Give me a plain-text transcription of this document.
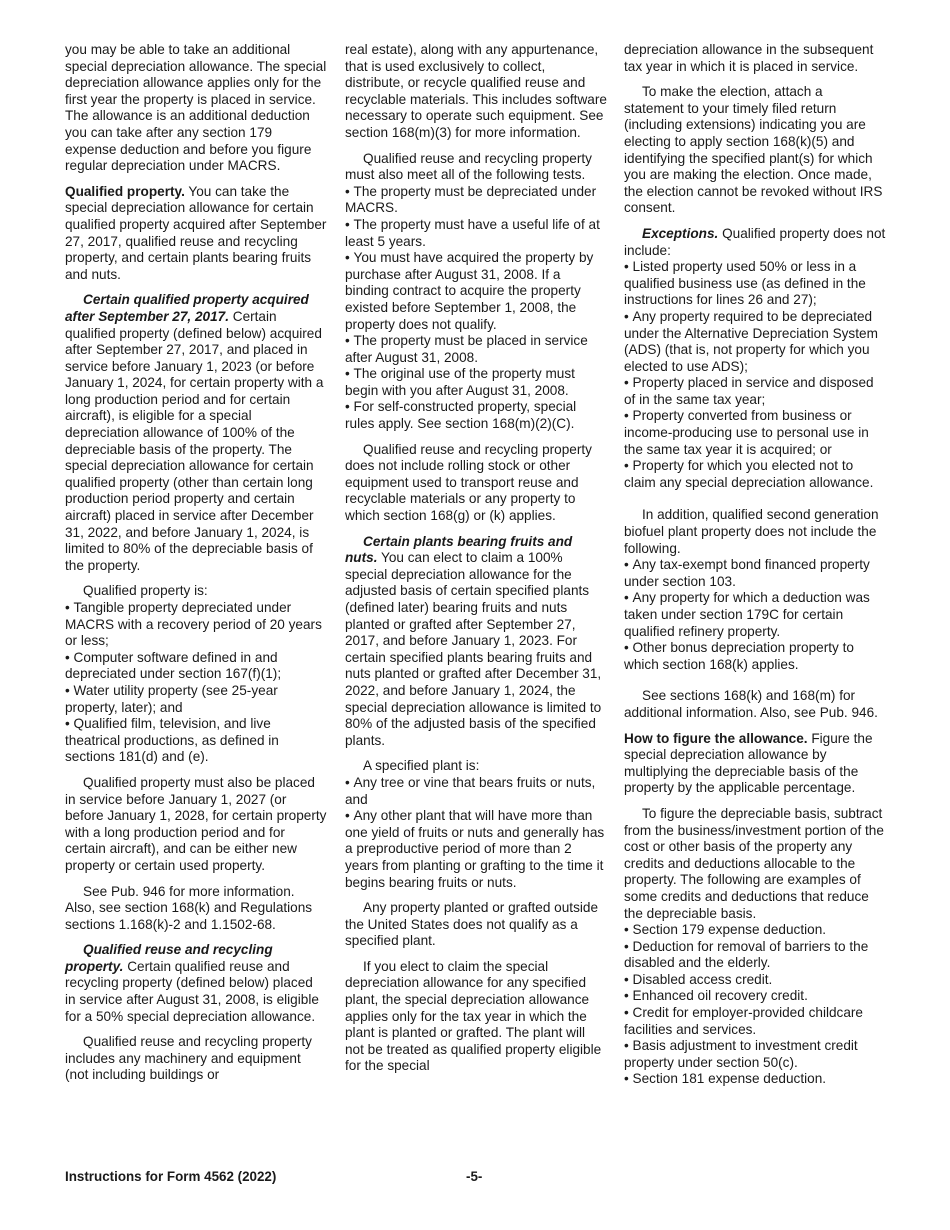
you may be able to take an additional special depreciation allowance. The special depreciation allowance applies only for the first year the property is placed in service. The allowance is an additional deduction you can take after any section 179 expense deduction and before you figure regular depreciation under MACRS.

Qualified property. You can take the special depreciation allowance for certain qualified property acquired after September 27, 2017, qualified reuse and recycling property, and certain plants bearing fruits and nuts.

Certain qualified property acquired after September 27, 2017. Certain qualified property (defined below) acquired after September 27, 2017, and placed in service before January 1, 2023 (or before January 1, 2024, for certain property with a long production period and for certain aircraft), is eligible for a special depreciation allowance of 100% of the depreciable basis of the property. The special depreciation allowance for certain qualified property (other than certain long production period property and certain aircraft) placed in service after December 31, 2022, and before January 1, 2024, is limited to 80% of the depreciable basis of the property.

Qualified property is:
• Tangible property depreciated under MACRS with a recovery period of 20 years or less;
• Computer software defined in and depreciated under section 167(f)(1);
• Water utility property (see 25-year property, later); and
• Qualified film, television, and live theatrical productions, as defined in sections 181(d) and (e).

Qualified property must also be placed in service before January 1, 2027 (or before January 1, 2028, for certain property with a long production period and for certain aircraft), and can be either new property or certain used property.

See Pub. 946 for more information. Also, see section 168(k) and Regulations sections 1.168(k)-2 and 1.1502-68.

Qualified reuse and recycling property. Certain qualified reuse and recycling property (defined below) placed in service after August 31, 2008, is eligible for a 50% special depreciation allowance.

Qualified reuse and recycling property includes any machinery and equipment (not including buildings or

real estate), along with any appurtenance, that is used exclusively to collect, distribute, or recycle qualified reuse and recyclable materials. This includes software necessary to operate such equipment. See section 168(m)(3) for more information.

Qualified reuse and recycling property must also meet all of the following tests.
• The property must be depreciated under MACRS.
• The property must have a useful life of at least 5 years.
• You must have acquired the property by purchase after August 31, 2008. If a binding contract to acquire the property existed before September 1, 2008, the property does not qualify.
• The property must be placed in service after August 31, 2008.
• The original use of the property must begin with you after August 31, 2008.
• For self-constructed property, special rules apply. See section 168(m)(2)(C).

Qualified reuse and recycling property does not include rolling stock or other equipment used to transport reuse and recyclable materials or any property to which section 168(g) or (k) applies.

Certain plants bearing fruits and nuts. You can elect to claim a 100% special depreciation allowance for the adjusted basis of certain specified plants (defined later) bearing fruits and nuts planted or grafted after September 27, 2017, and before January 1, 2023. For certain specified plants bearing fruits and nuts planted or grafted after December 31, 2022, and before January 1, 2024, the special depreciation allowance is limited to 80% of the adjusted basis of the specified plants.

A specified plant is:
• Any tree or vine that bears fruits or nuts, and
• Any other plant that will have more than one yield of fruits or nuts and generally has a preproductive period of more than 2 years from planting or grafting to the time it begins bearing fruits or nuts.

Any property planted or grafted outside the United States does not qualify as a specified plant.

If you elect to claim the special depreciation allowance for any specified plant, the special depreciation allowance applies only for the tax year in which the plant is planted or grafted. The plant will not be treated as qualified property eligible for the special

depreciation allowance in the subsequent tax year in which it is placed in service.

To make the election, attach a statement to your timely filed return (including extensions) indicating you are electing to apply section 168(k)(5) and identifying the specified plant(s) for which you are making the election. Once made, the election cannot be revoked without IRS consent.

Exceptions. Qualified property does not include:
• Listed property used 50% or less in a qualified business use (as defined in the instructions for lines 26 and 27);
• Any property required to be depreciated under the Alternative Depreciation System (ADS) (that is, not property for which you elected to use ADS);
• Property placed in service and disposed of in the same tax year;
• Property converted from business or income-producing use to personal use in the same tax year it is acquired; or
• Property for which you elected not to claim any special depreciation allowance.
In addition, qualified second generation biofuel plant property does not include the following.
• Any tax-exempt bond financed property under section 103.
• Any property for which a deduction was taken under section 179C for certain qualified refinery property.
• Other bonus depreciation property to which section 168(k) applies.

See sections 168(k) and 168(m) for additional information. Also, see Pub. 946.

How to figure the allowance. Figure the special depreciation allowance by multiplying the depreciable basis of the property by the applicable percentage.

To figure the depreciable basis, subtract from the business/investment portion of the cost or other basis of the property any credits and deductions allocable to the property. The following are examples of some credits and deductions that reduce the depreciable basis.
• Section 179 expense deduction.
• Deduction for removal of barriers to the disabled and the elderly.
• Disabled access credit.
• Enhanced oil recovery credit.
• Credit for employer-provided childcare facilities and services.
• Basis adjustment to investment credit property under section 50(c).
• Section 181 expense deduction.
Instructions for Form 4562 (2022)	-5-
